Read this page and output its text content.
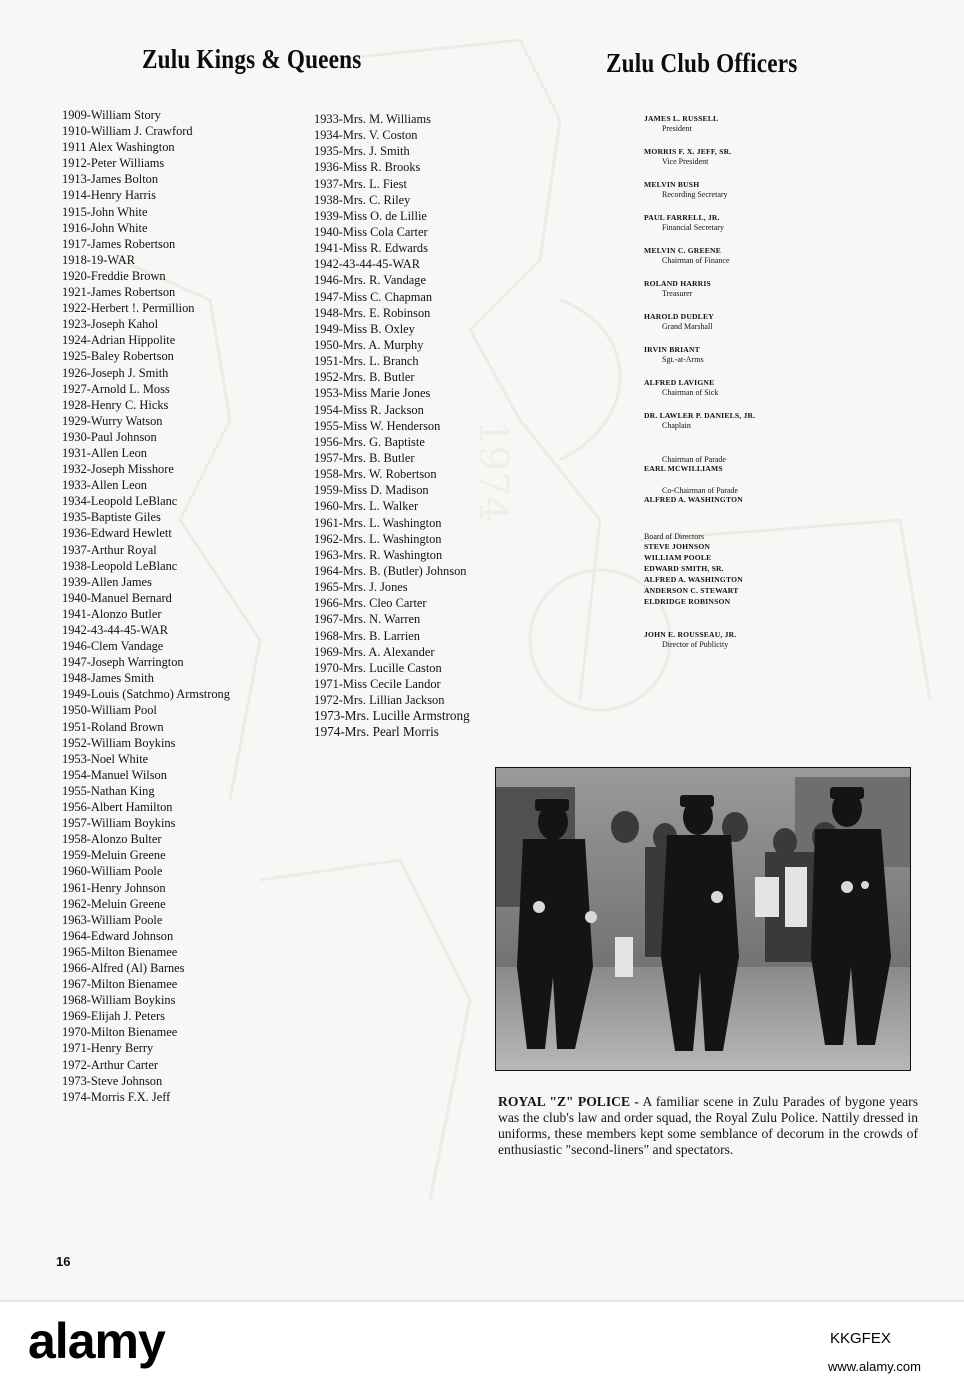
1974
Zulu Kings & Queens	Zulu Club Officers
1909-William Story
1910-William J. Crawford
1911 Alex Washington
1912-Peter Williams
1913-James Bolton
1914-Henry Harris
1915-John White
1916-John White
1917-James Robertson
1918-19-WAR
1920-Freddie Brown
1921-James Robertson
1922-Herbert !. Permillion
1923-Joseph Kahol
1924-Adrian Hippolite
1925-Baley Robertson
1926-Joseph J. Smith
1927-Arnold L. Moss
1928-Henry C. Hicks
1929-Wurry Watson
1930-Paul Johnson
1931-Allen Leon
1932-Joseph Misshore
1933-Allen Leon
1934-Leopold LeBlanc
1935-Baptiste Giles
1936-Edward Hewlett
1937-Arthur Royal
1938-Leopold LeBlanc
1939-Allen James
1940-Manuel Bernard
1941-Alonzo Butler
1942-43-44-45-WAR
1946-Clem Vandage
1947-Joseph Warrington
1948-James Smith
1949-Louis (Satchmo) Armstrong
1950-William Pool
1951-Roland Brown
1952-William Boykins
1953-Noel White
1954-Manuel Wilson
1955-Nathan King
1956-Albert Hamilton
1957-William Boykins
1958-Alonzo Bulter
1959-Meluin Greene
1960-William Poole
1961-Henry Johnson
1962-Meluin Greene
1963-William Poole
1964-Edward Johnson
1965-Milton Bienamee
1966-Alfred (Al) Barnes
1967-Milton Bienamee
1968-William Boykins
1969-Elijah J. Peters
1970-Milton Bienamee
1971-Henry Berry
1972-Arthur Carter
1973-Steve Johnson
1974-Morris F.X. Jeff
1933-Mrs. M. Williams
1934-Mrs. V. Coston
1935-Mrs. J. Smith
1936-Miss R. Brooks
1937-Mrs. L. Fiest
1938-Mrs. C. Riley
1939-Miss O. de Lillie
1940-Miss Cola Carter
1941-Miss R. Edwards
1942-43-44-45-WAR
1946-Mrs. R. Vandage
1947-Miss C. Chapman
1948-Mrs. E. Robinson
1949-Miss B. Oxley
1950-Mrs. A. Murphy
1951-Mrs. L. Branch
1952-Mrs. B. Butler
1953-Miss Marie Jones
1954-Miss R. Jackson
1955-Miss W. Henderson
1956-Mrs. G. Baptiste
1957-Mrs. B. Butler
1958-Mrs. W. Robertson
1959-Miss D. Madison
1960-Mrs. L. Walker
1961-Mrs. L. Washington
1962-Mrs. L. Washington
1963-Mrs. R. Washington
1964-Mrs. B. (Butler) Johnson
1965-Mrs. J. Jones
1966-Mrs. Cleo Carter
1967-Mrs. N. Warren
1968-Mrs. B. Larrien
1969-Mrs. A. Alexander
1970-Mrs. Lucille Caston
1971-Miss Cecile Landor
1972-Mrs. Lillian Jackson
1973-Mrs. Lucille Armstrong
1974-Mrs. Pearl Morris
JAMES L. RUSSELL
President
MORRIS F. X. JEFF, SR.
Vice President
MELVIN BUSH
Recording Secretary
PAUL FARRELL, JR.
Financial Secretary
MELVIN C. GREENE
Chairman of Finance
ROLAND HARRIS
Treasurer
HAROLD DUDLEY
Grand Marshall
IRVIN BRIANT
Sgt.-at-Arms
ALFRED LAVIGNE
Chairman of Sick
DR. LAWLER P. DANIELS, JR.
Chaplain
Chairman of Parade
EARL MCWILLIAMS
Co-Chairman of Parade
ALFRED A. WASHINGTON
Board of Directors
STEVE JOHNSON
WILLIAM POOLE
EDWARD SMITH, SR.
ALFRED A. WASHINGTON
ANDERSON C. STEWART
ELDRIDGE ROBINSON
JOHN E. ROUSSEAU, JR.
Director of Publicity

ROYAL "Z" POLICE - A familiar scene in Zulu Parades of bygone years was the club's law and order squad, the Royal Zulu Police. Nattily dressed in uniforms, these members kept some semblance of decorum in the crowds of enthusiastic "second-liners" and spectators.

16
alamy	KKGFEX
www.alamy.com
